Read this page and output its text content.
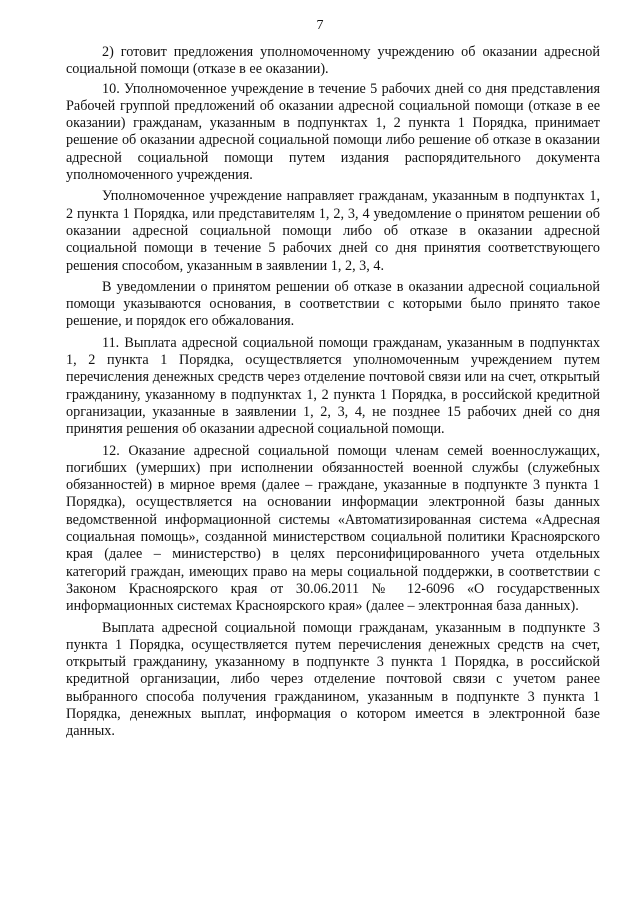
7

2) готовит предложения уполномоченному учреждению об оказании адресной социальной помощи (отказе в ее оказании).

10. Уполномоченное учреждение в течение 5 рабочих дней со дня представления Рабочей группой предложений об оказании адресной социальной помощи (отказе в ее оказании) гражданам, указанным в подпунктах 1, 2 пункта 1 Порядка, принимает решение об оказании адресной социальной помощи либо решение об отказе в оказании адресной социальной помощи путем издания распорядительного документа уполномоченного учреждения.

Уполномоченное учреждение направляет гражданам, указанным в подпунктах 1, 2 пункта 1 Порядка, или представителям 1, 2, 3, 4 уведомление о принятом решении об оказании адресной социальной помощи либо об отказе в оказании адресной социальной помощи в течение 5 рабочих дней со дня принятия соответствующего решения способом, указанным в заявлении 1, 2, 3, 4.

В уведомлении о принятом решении об отказе в оказании адресной социальной помощи указываются основания, в соответствии с которыми было принято такое решение, и порядок его обжалования.

11. Выплата адресной социальной помощи гражданам, указанным в подпунктах 1, 2 пункта 1 Порядка, осуществляется уполномоченным учреждением путем перечисления денежных средств через отделение почтовой связи или на счет, открытый гражданину, указанному в подпунктах 1, 2 пункта 1 Порядка, в российской кредитной организации, указанные в заявлении 1, 2, 3, 4, не позднее 15 рабочих дней со дня принятия решения об оказании адресной социальной помощи.

12. Оказание адресной социальной помощи членам семей военнослужащих, погибших (умерших) при исполнении обязанностей военной службы (служебных обязанностей) в мирное время (далее – граждане, указанные в подпункте 3 пункта 1 Порядка), осуществляется на основании информации электронной базы данных ведомственной информационной системы «Автоматизированная система «Адресная социальная помощь», созданной министерством социальной политики Красноярского края (далее – министерство) в целях персонифицированного учета отдельных категорий граждан, имеющих право на меры социальной поддержки, в соответствии с Законом Красноярского края от 30.06.2011 № 12-6096 «О государственных информационных системах Красноярского края» (далее – электронная база данных).

Выплата адресной социальной помощи гражданам, указанным в подпункте 3 пункта 1 Порядка, осуществляется путем перечисления денежных средств на счет, открытый гражданину, указанному в подпункте 3 пункта 1 Порядка, в российской кредитной организации, либо через отделение почтовой связи с учетом ранее выбранного способа получения гражданином, указанным в подпункте 3 пункта 1 Порядка, денежных выплат, информация о котором имеется в электронной базе данных.
